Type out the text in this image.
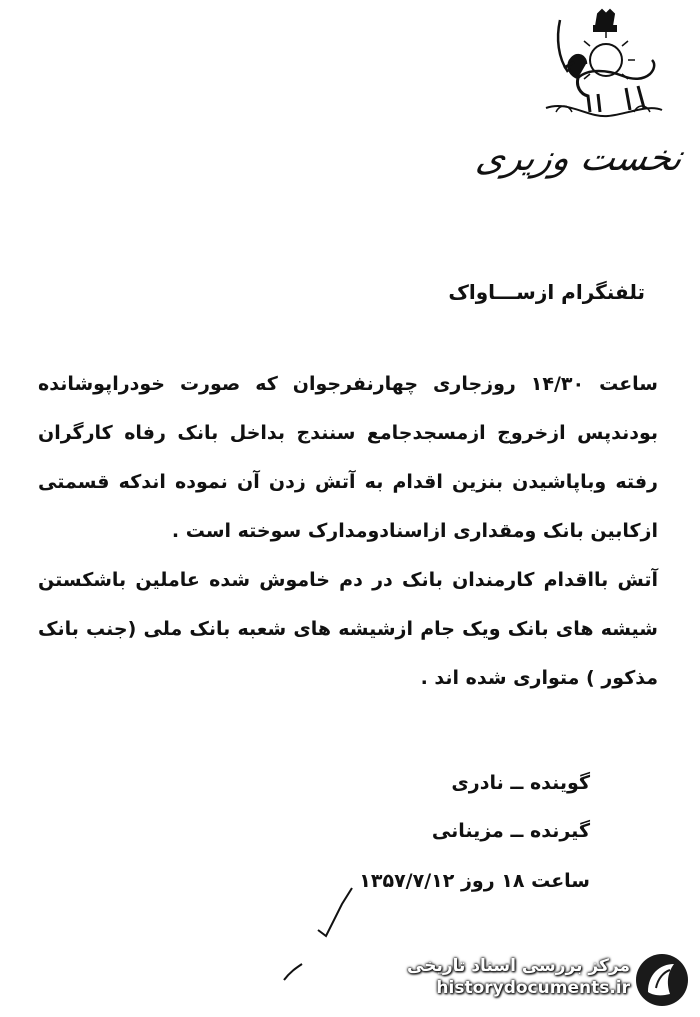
نخست وزیری
تلفنگرام ازســـاواک

ساعت ۱۴/۳۰ روزجاری چهارنفرجوان که صورت خودراپوشانده

بودندپس ازخروج ازمسجدجامع سنندج بداخل بانک رفاه کارگران

رفته وباپاشیدن بنزین اقدام به آتش زدن آن نموده اندکه قسمتی

ازکابین بانک ومقداری ازاسنادومدارک سوخته است .

آتش بااقدام کارمندان بانک در دم خاموش شده عاملین باشکستن

شیشه های بانک ویک جام ازشیشه های شعبه بانک ملی (جنب بانک

مذکور ) متواری شده اند .

گوینده ــ نادری
گیرنده ــ مزینانی
ساعت ۱۸ روز ۱۳۵۷/۷/۱۲
مرکز بررسی اسناد تاریخی
historydocuments.ir
